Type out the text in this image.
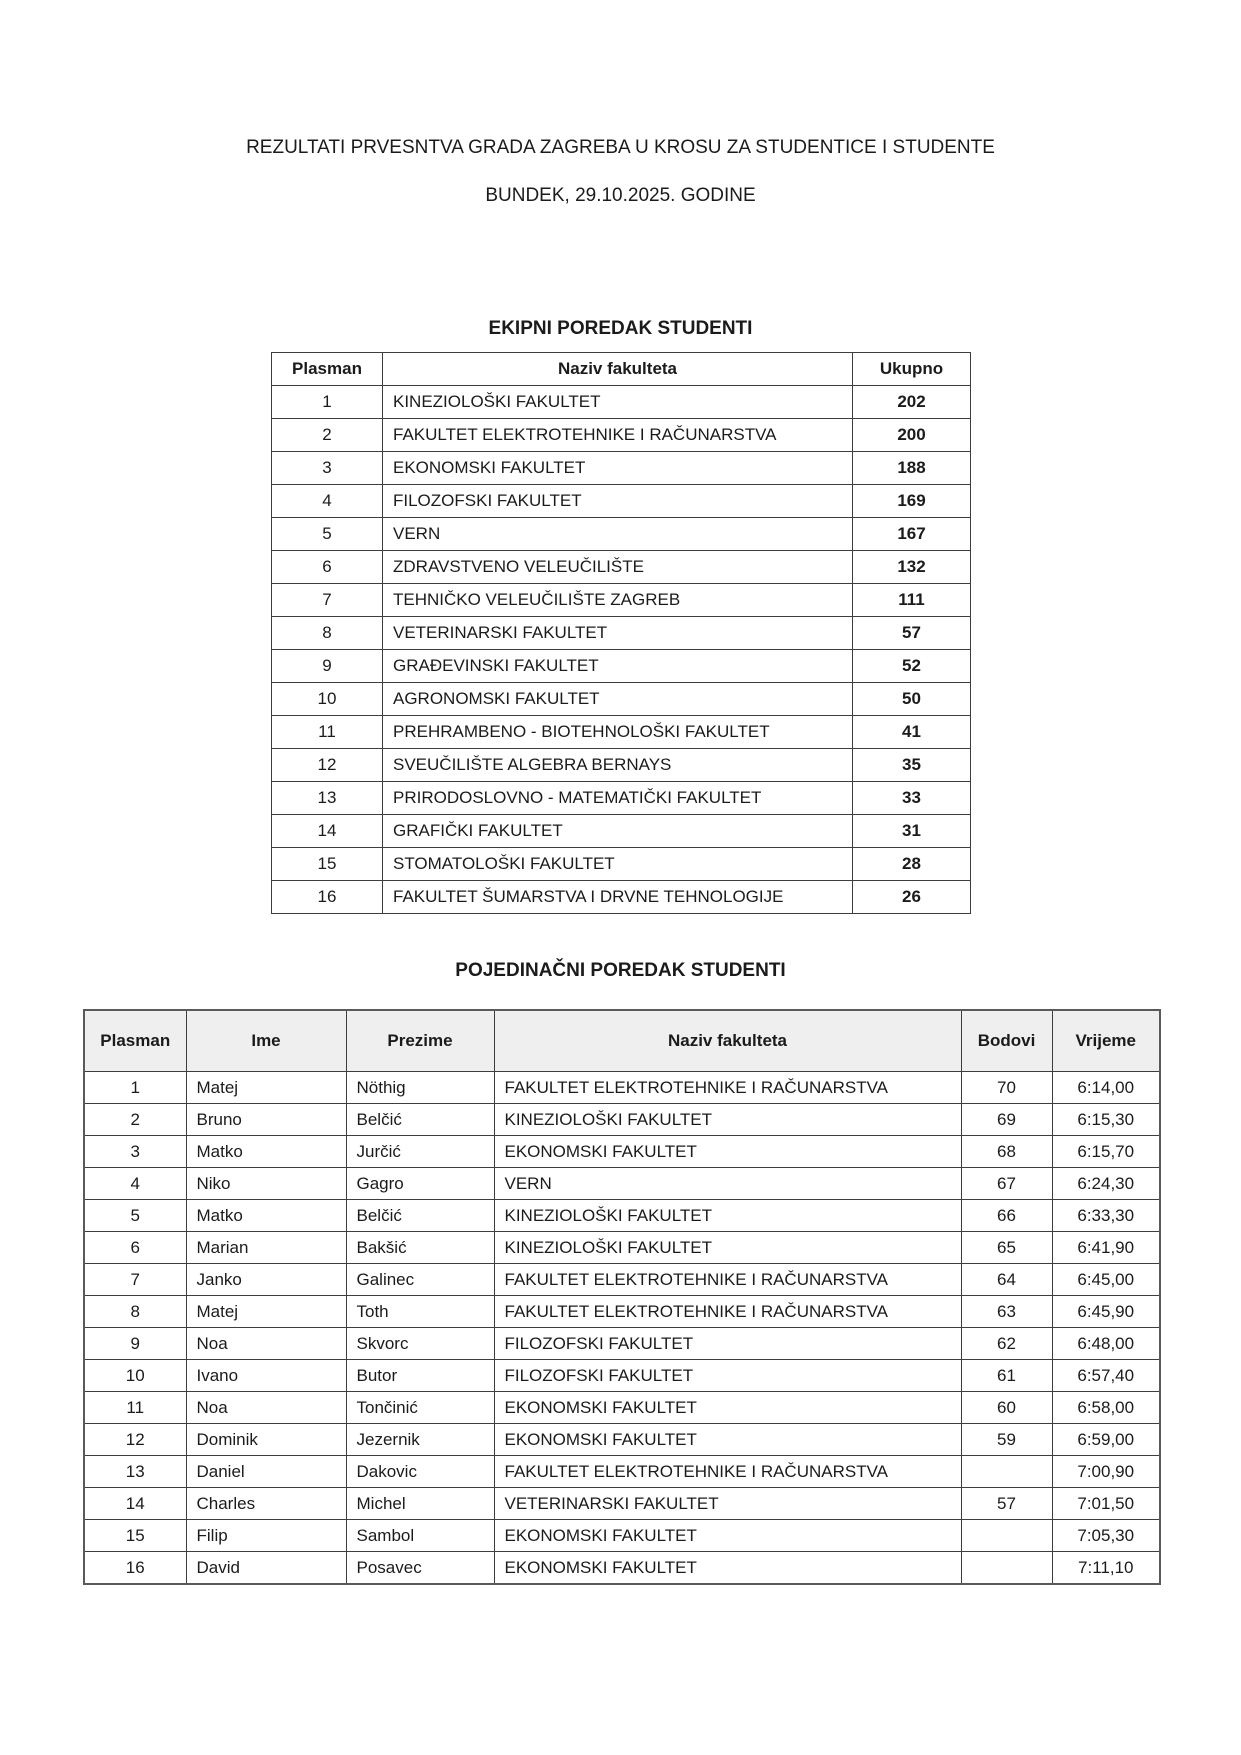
REZULTATI PRVESNTVA GRADA ZAGREBA U KROSU ZA STUDENTICE I STUDENTE
BUNDEK, 29.10.2025. GODINE
EKIPNI POREDAK STUDENTI
Plasman	Naziv fakulteta	Ukupno
1	KINEZIOLOŠKI FAKULTET	202
2	FAKULTET ELEKTROTEHNIKE I RAČUNARSTVA	200
3	EKONOMSKI FAKULTET	188
4	FILOZOFSKI FAKULTET	169
5	VERN	167
6	ZDRAVSTVENO VELEUČILIŠTE	132
7	TEHNIČKO VELEUČILIŠTE ZAGREB	111
8	VETERINARSKI FAKULTET	57
9	GRAĐEVINSKI FAKULTET	52
10	AGRONOMSKI FAKULTET	50
11	PREHRAMBENO - BIOTEHNOLOŠKI FAKULTET	41
12	SVEUČILIŠTE ALGEBRA BERNAYS	35
13	PRIRODOSLOVNO - MATEMATIČKI FAKULTET	33
14	GRAFIČKI FAKULTET	31
15	STOMATOLOŠKI FAKULTET	28
16	FAKULTET ŠUMARSTVA I DRVNE TEHNOLOGIJE	26
POJEDINAČNI POREDAK STUDENTI
Plasman	Ime	Prezime	Naziv fakulteta	Bodovi	Vrijeme
1	Matej	Nöthig	FAKULTET ELEKTROTEHNIKE I RAČUNARSTVA	70	6:14,00
2	Bruno	Belčić	KINEZIOLOŠKI FAKULTET	69	6:15,30
3	Matko	Jurčić	EKONOMSKI FAKULTET	68	6:15,70
4	Niko	Gagro	VERN	67	6:24,30
5	Matko	Belčić	KINEZIOLOŠKI FAKULTET	66	6:33,30
6	Marian	Bakšić	KINEZIOLOŠKI FAKULTET	65	6:41,90
7	Janko	Galinec	FAKULTET ELEKTROTEHNIKE I RAČUNARSTVA	64	6:45,00
8	Matej	Toth	FAKULTET ELEKTROTEHNIKE I RAČUNARSTVA	63	6:45,90
9	Noa	Skvorc	FILOZOFSKI FAKULTET	62	6:48,00
10	Ivano	Butor	FILOZOFSKI FAKULTET	61	6:57,40
11	Noa	Tončinić	EKONOMSKI FAKULTET	60	6:58,00
12	Dominik	Jezernik	EKONOMSKI FAKULTET	59	6:59,00
13	Daniel	Dakovic	FAKULTET ELEKTROTEHNIKE I RAČUNARSTVA		7:00,90
14	Charles	Michel	VETERINARSKI FAKULTET	57	7:01,50
15	Filip	Sambol	EKONOMSKI FAKULTET		7:05,30
16	David	Posavec	EKONOMSKI FAKULTET		7:11,10
